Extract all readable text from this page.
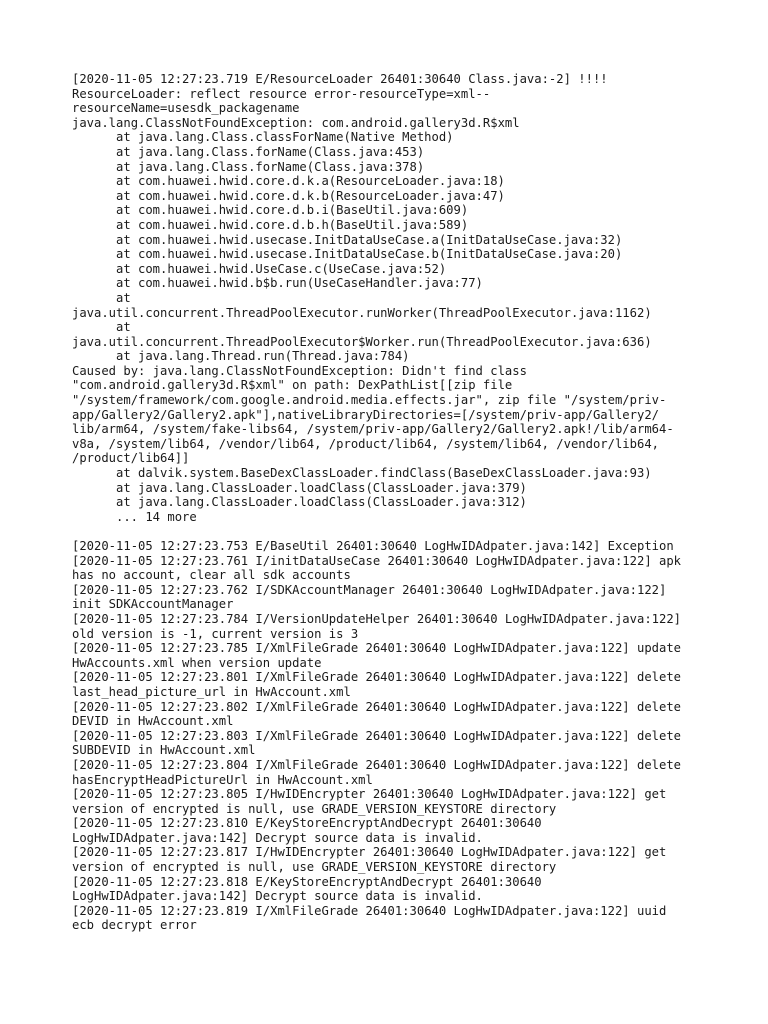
[2020-11-05 12:27:23.719 E/ResourceLoader 26401:30640 Class.java:-2] !!!!
ResourceLoader: reflect resource error-resourceType=xml--
resourceName=usesdk_packagename
java.lang.ClassNotFoundException: com.android.gallery3d.R$xml
at java.lang.Class.classForName(Native Method)
at java.lang.Class.forName(Class.java:453)
at java.lang.Class.forName(Class.java:378)
at com.huawei.hwid.core.d.k.a(ResourceLoader.java:18)
at com.huawei.hwid.core.d.k.b(ResourceLoader.java:47)
at com.huawei.hwid.core.d.b.i(BaseUtil.java:609)
at com.huawei.hwid.core.d.b.h(BaseUtil.java:589)
at com.huawei.hwid.usecase.InitDataUseCase.a(InitDataUseCase.java:32)
at com.huawei.hwid.usecase.InitDataUseCase.b(InitDataUseCase.java:20)
at com.huawei.hwid.UseCase.c(UseCase.java:52)
at com.huawei.hwid.b$b.run(UseCaseHandler.java:77)
at
java.util.concurrent.ThreadPoolExecutor.runWorker(ThreadPoolExecutor.java:1162)
at
java.util.concurrent.ThreadPoolExecutor$Worker.run(ThreadPoolExecutor.java:636)
at java.lang.Thread.run(Thread.java:784)
Caused by: java.lang.ClassNotFoundException: Didn't find class
"com.android.gallery3d.R$xml" on path: DexPathList[[zip file
"/system/framework/com.google.android.media.effects.jar", zip file "/system/priv-
app/Gallery2/Gallery2.apk"],nativeLibraryDirectories=[/system/priv-app/Gallery2/
lib/arm64, /system/fake-libs64, /system/priv-app/Gallery2/Gallery2.apk!/lib/arm64-
v8a, /system/lib64, /vendor/lib64, /product/lib64, /system/lib64, /vendor/lib64,
/product/lib64]]
at dalvik.system.BaseDexClassLoader.findClass(BaseDexClassLoader.java:93)
at java.lang.ClassLoader.loadClass(ClassLoader.java:379)
at java.lang.ClassLoader.loadClass(ClassLoader.java:312)
... 14 more
[2020-11-05 12:27:23.753 E/BaseUtil 26401:30640 LogHwIDAdpater.java:142] Exception
[2020-11-05 12:27:23.761 I/initDataUseCase 26401:30640 LogHwIDAdpater.java:122] apk
has no account, clear all sdk accounts
[2020-11-05 12:27:23.762 I/SDKAccountManager 26401:30640 LogHwIDAdpater.java:122]
init SDKAccountManager
[2020-11-05 12:27:23.784 I/VersionUpdateHelper 26401:30640 LogHwIDAdpater.java:122]
old version is -1, current version is 3
[2020-11-05 12:27:23.785 I/XmlFileGrade 26401:30640 LogHwIDAdpater.java:122] update
HwAccounts.xml when version update
[2020-11-05 12:27:23.801 I/XmlFileGrade 26401:30640 LogHwIDAdpater.java:122] delete
last_head_picture_url in HwAccount.xml
[2020-11-05 12:27:23.802 I/XmlFileGrade 26401:30640 LogHwIDAdpater.java:122] delete
DEVID in HwAccount.xml
[2020-11-05 12:27:23.803 I/XmlFileGrade 26401:30640 LogHwIDAdpater.java:122] delete
SUBDEVID in HwAccount.xml
[2020-11-05 12:27:23.804 I/XmlFileGrade 26401:30640 LogHwIDAdpater.java:122] delete
hasEncryptHeadPictureUrl in HwAccount.xml
[2020-11-05 12:27:23.805 I/HwIDEncrypter 26401:30640 LogHwIDAdpater.java:122] get
version of encrypted is null, use GRADE_VERSION_KEYSTORE directory
[2020-11-05 12:27:23.810 E/KeyStoreEncryptAndDecrypt 26401:30640
LogHwIDAdpater.java:142] Decrypt source data is invalid.
[2020-11-05 12:27:23.817 I/HwIDEncrypter 26401:30640 LogHwIDAdpater.java:122] get
version of encrypted is null, use GRADE_VERSION_KEYSTORE directory
[2020-11-05 12:27:23.818 E/KeyStoreEncryptAndDecrypt 26401:30640
LogHwIDAdpater.java:142] Decrypt source data is invalid.
[2020-11-05 12:27:23.819 I/XmlFileGrade 26401:30640 LogHwIDAdpater.java:122] uuid
ecb decrypt error
